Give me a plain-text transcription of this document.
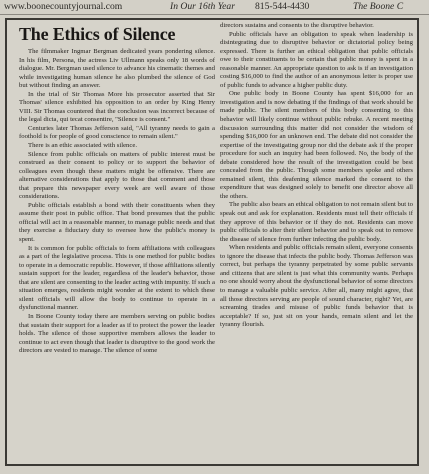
www.boonecountyjournal.com	In Our 16th Year 815-544-4430	The Boone C
The Ethics of Silence

The filmmaker Ingmar Bergman dedicated years pondering silence. In his film, Persona, the actress Liv Ullmann speaks only 18 words of dialogue. Mr. Bergman used silence to advance his cinematic themes and while investigating human silence he also plumbed the silence of God but without finding an answer.

In the trial of Sir Thomas More his prosecutor asserted that Sir Thomas' silence exhibited his opposition to an order by King Henry VIII. Sir Thomas countered that the conclusion was incorrect because of the legal dicta, qui tecat consentire, "Silence is consent."

Centuries later Thomas Jefferson said, "All tyranny needs to gain a foothold is for people of good conscience to remain silent."

There is an ethic associated with silence.

Silence from public officials on matters of public interest must be construed as their consent to policy or to support the behavior of colleagues even though these matters might be offensive. There are alternative considerations that apply to those that comment and those that prepare this newspaper every week are well aware of those considerations.

Public officials establish a bond with their constituents when they assume their post in public office. That bond presumes that the public official will act in a reasonable manner, to manage public needs and that they exercise a fiduciary duty to oversee how the public's money is spent.

It is common for public officials to form affiliations with colleagues as a part of the legislative process. This is one method for public bodies to operate in a democratic republic. However, if those affiliations silently sustain support for the leader, regardless of the leader's behavior, those that are silent are consenting to the leader acting with impunity. If such a situation emerges, residents might wonder at the extent to which these silent officials will allow the body to continue to operate in a dysfunctional manner.

In Boone County today there are members serving on public bodies that sustain their support for a leader as if to protect the power the leader holds. The silence of those supportive members allows the leader to continue to act even though that leader is disruptive to the good work the directors are vested to manage. The silence of some

directors sustains and consents to the disruptive behavior.

Public officials have an obligation to speak when leadership is disintegrating due to disruptive behavior or dictatorial policy being expressed. There is further an ethical obligation that public officials owe to their constituents to be certain that public money is spent in a reasonable manner. An appropriate question to ask is if an investigation costing $16,000 to find the author of an anonymous letter is proper use of public funds to advance a higher public duty.

One public body in Boone County has spent $16,000 for an investigation and is now debating if the findings of that work should be made public. The silent members of this body consenting to this behavior will likely continue without public rebuke. A recent meeting discussion surrounding this matter did not consider the wisdom of spending $16,000 for an unknown end. The debate did not consider the expertise of the investigating group nor did the debate ask if the proper procedure for such an inquiry had been followed. No, the body of the debate considered how the result of the investigation could be best concealed from the public. Though some members spoke and others remained silent, this deafening silence marked the consent to the expenditure that was designed solely to benefit one director above all the others.

The public also bears an ethical obligation to not remain silent but to speak out and ask for explanation. Residents must tell their officials if they approve of this behavior or if they do not. Residents can move public officials to alter their silent behavior and to speak out to remove the disease of silence from further infecting the public body.

When residents and public officials remain silent, everyone consents to ignore the disease that infects the public body. Thomas Jefferson was correct, but perhaps the tyranny perpetrated by some public servants and citizens that are silent is just what this community wants. Perhaps no one should worry about the dysfunctional behavior of some directors to manage a valuable public service. After all, many might agree, that all those directors serving are people of sound character, right? Yet, are screaming tirades and misuse of public funds behavior that is acceptable? If so, just sit on your hands, remain silent and let the tyranny flourish.
